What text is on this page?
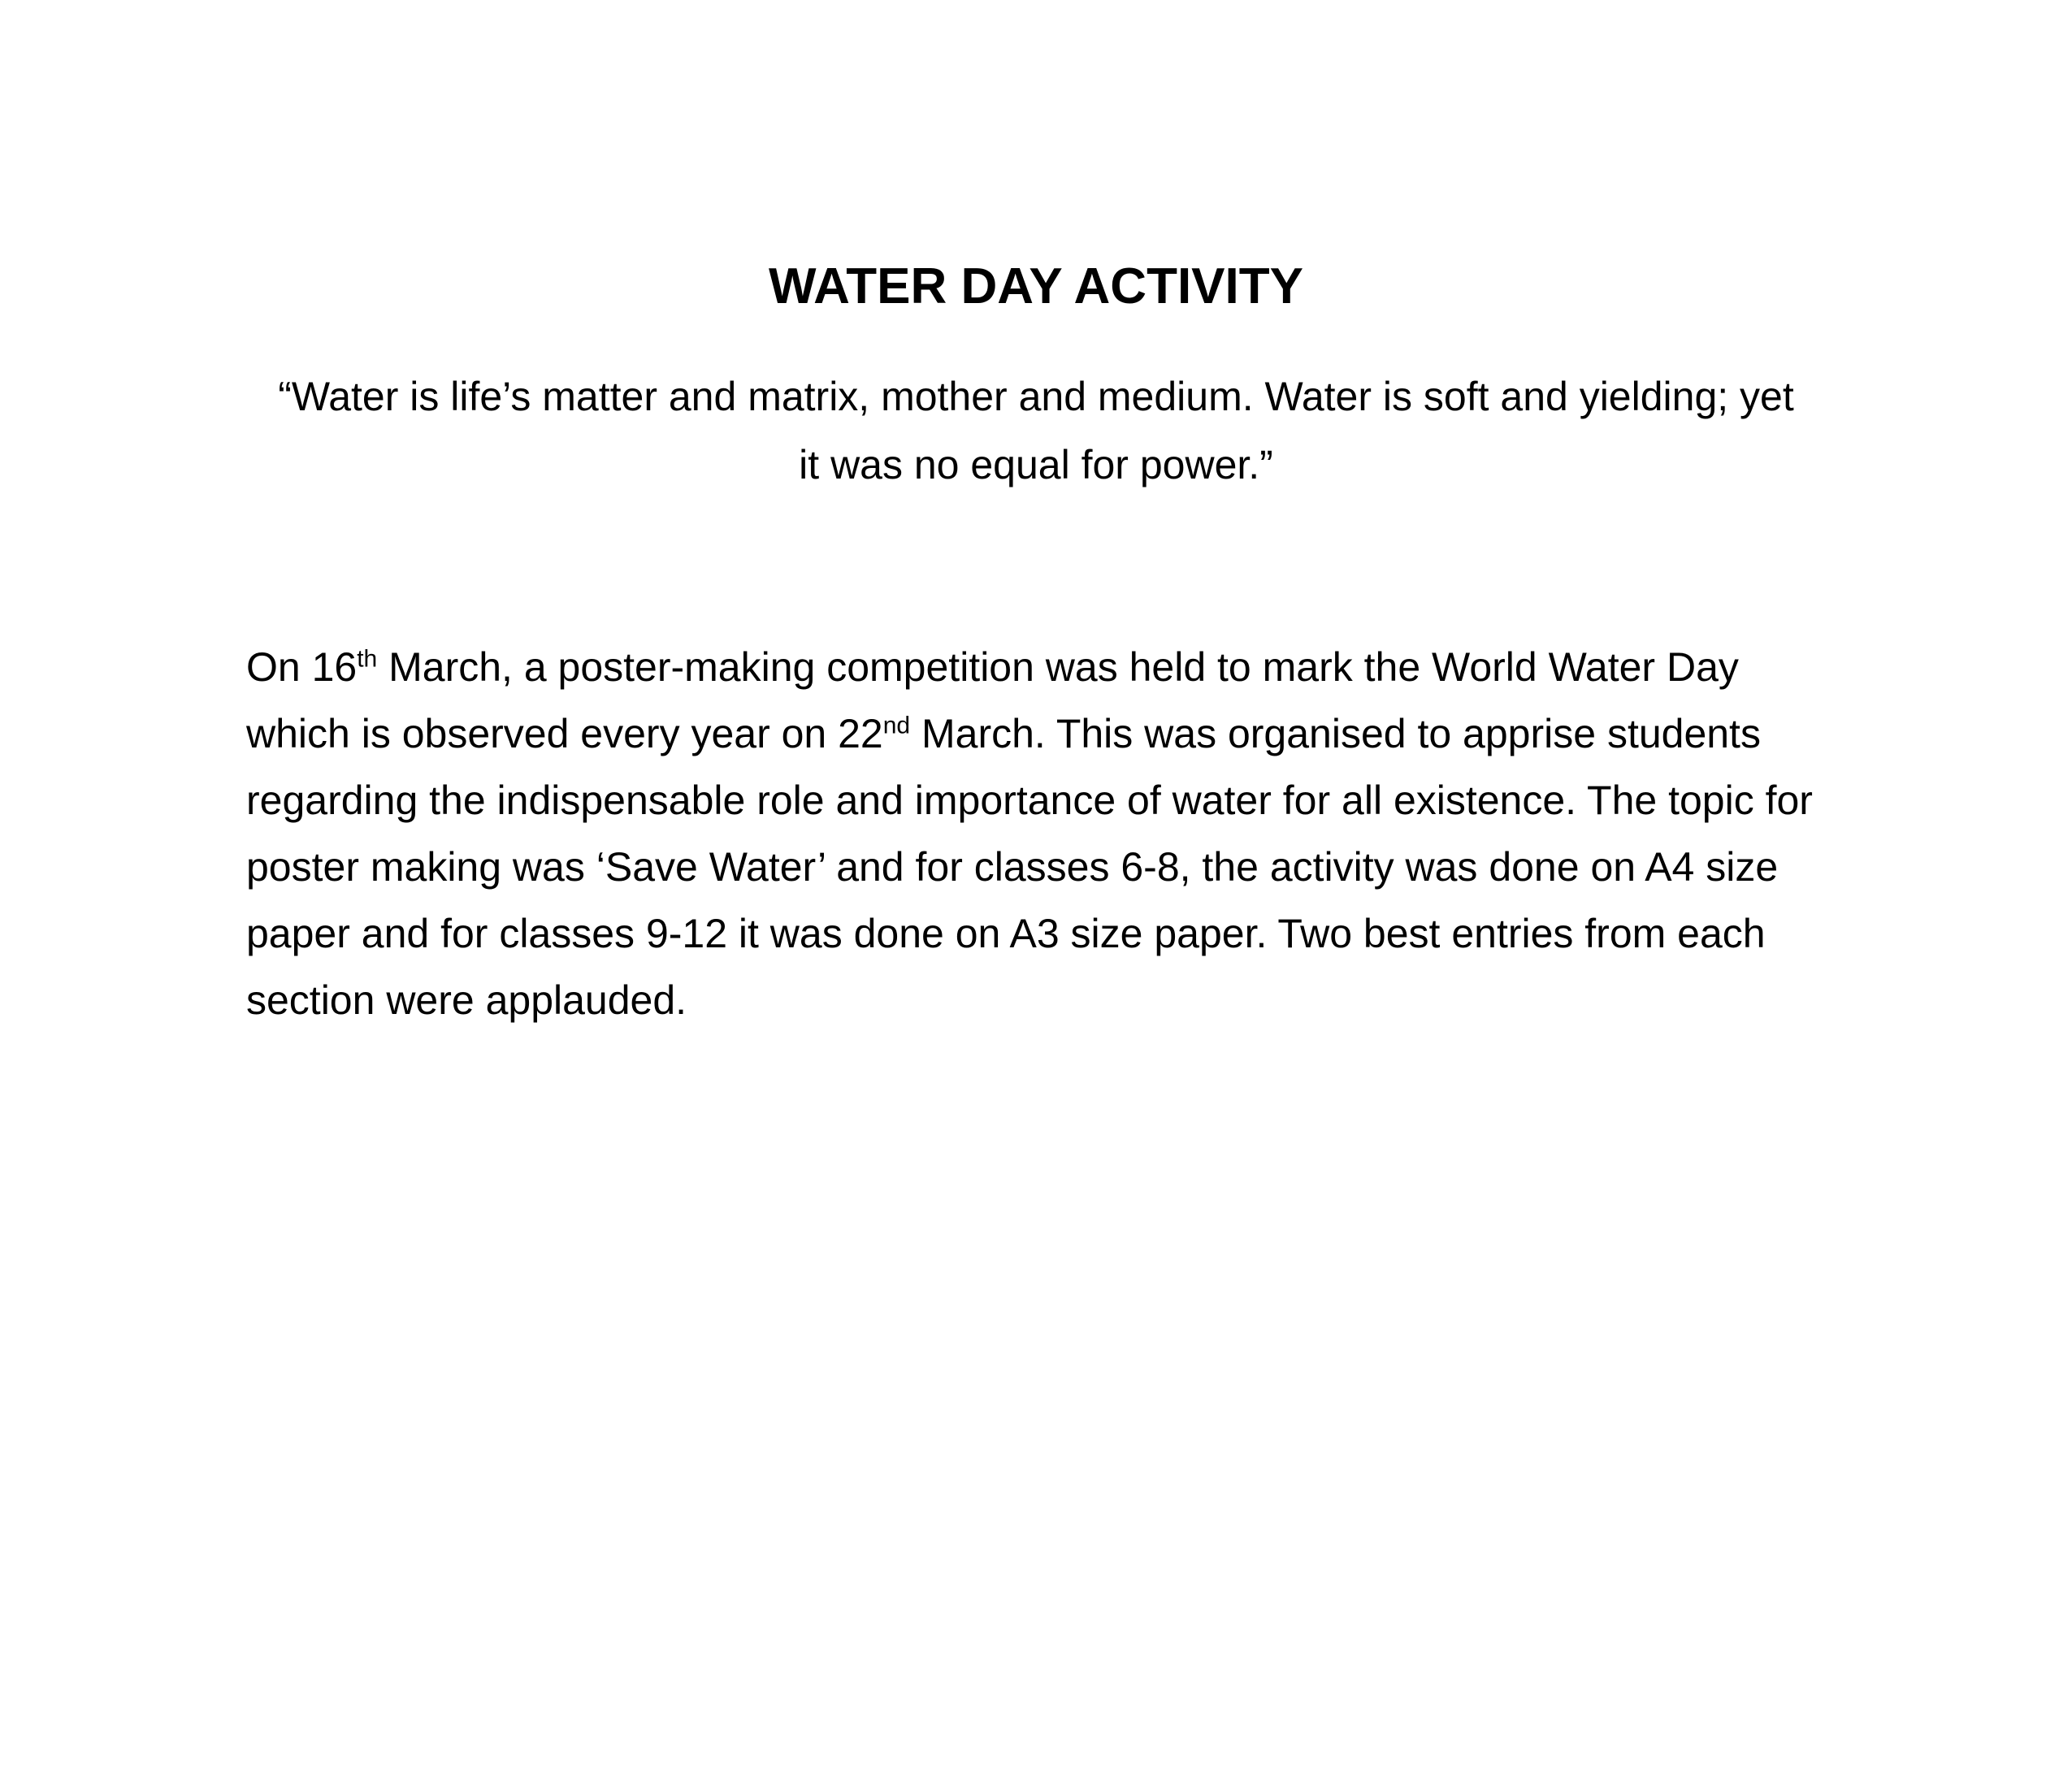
WATER DAY ACTIVITY

“Water is life’s matter and matrix, mother and medium. Water is soft and yielding; yet it was no equal for power.”

On 16th March, a poster-making competition was held to mark the World Water Day which is observed every year on 22nd March. This was organised to apprise students regarding the indispensable role and importance of water for all existence. The topic for poster making was ‘Save Water’ and for classes 6-8, the activity was done on A4 size paper and for classes 9-12 it was done on A3 size paper. Two best entries from each section were applauded.
